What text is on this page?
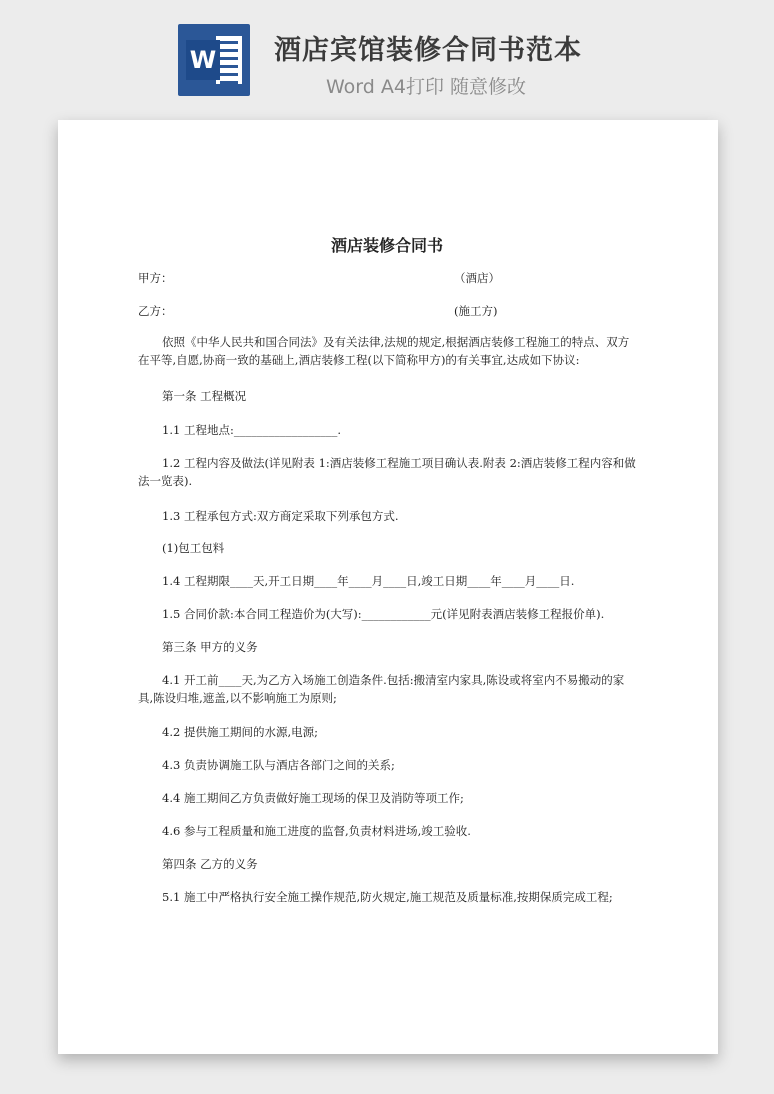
W 酒店宾馆装修合同书范本
Word A4打印 随意修改
酒店装修合同书
甲方：	（酒店）
乙方：	(施工方)
依照《中华人民共和国合同法》及有关法律,法规的规定,根据酒店装修工程施工的特点、双方在平等,自愿,协商一致的基础上,酒店装修工程(以下简称甲方)的有关事宜,达成如下协议:
第一条 工程概况
1.1 工程地点:__________________.
1.2 工程内容及做法(详见附表 1:酒店装修工程施工项目确认表.附表 2:酒店装修工程内容和做法一览表).
1.3 工程承包方式:双方商定采取下列承包方式.
(1)包工包料
1.4 工程期限____天,开工日期____年____月____日,竣工日期____年____月____日.
1.5 合同价款:本合同工程造价为(大写):____________元(详见附表酒店装修工程报价单).
第三条 甲方的义务
4.1 开工前____天,为乙方入场施工创造条件.包括:搬清室内家具,陈设或将室内不易搬动的家具,陈设归堆,遮盖,以不影响施工为原则;
4.2 提供施工期间的水源,电源;
4.3 负责协调施工队与酒店各部门之间的关系;
4.4 施工期间乙方负责做好施工现场的保卫及消防等项工作;
4.6 参与工程质量和施工进度的监督,负责材料进场,竣工验收.
第四条 乙方的义务
5.1 施工中严格执行安全施工操作规范,防火规定,施工规范及质量标准,按期保质完成工程;
